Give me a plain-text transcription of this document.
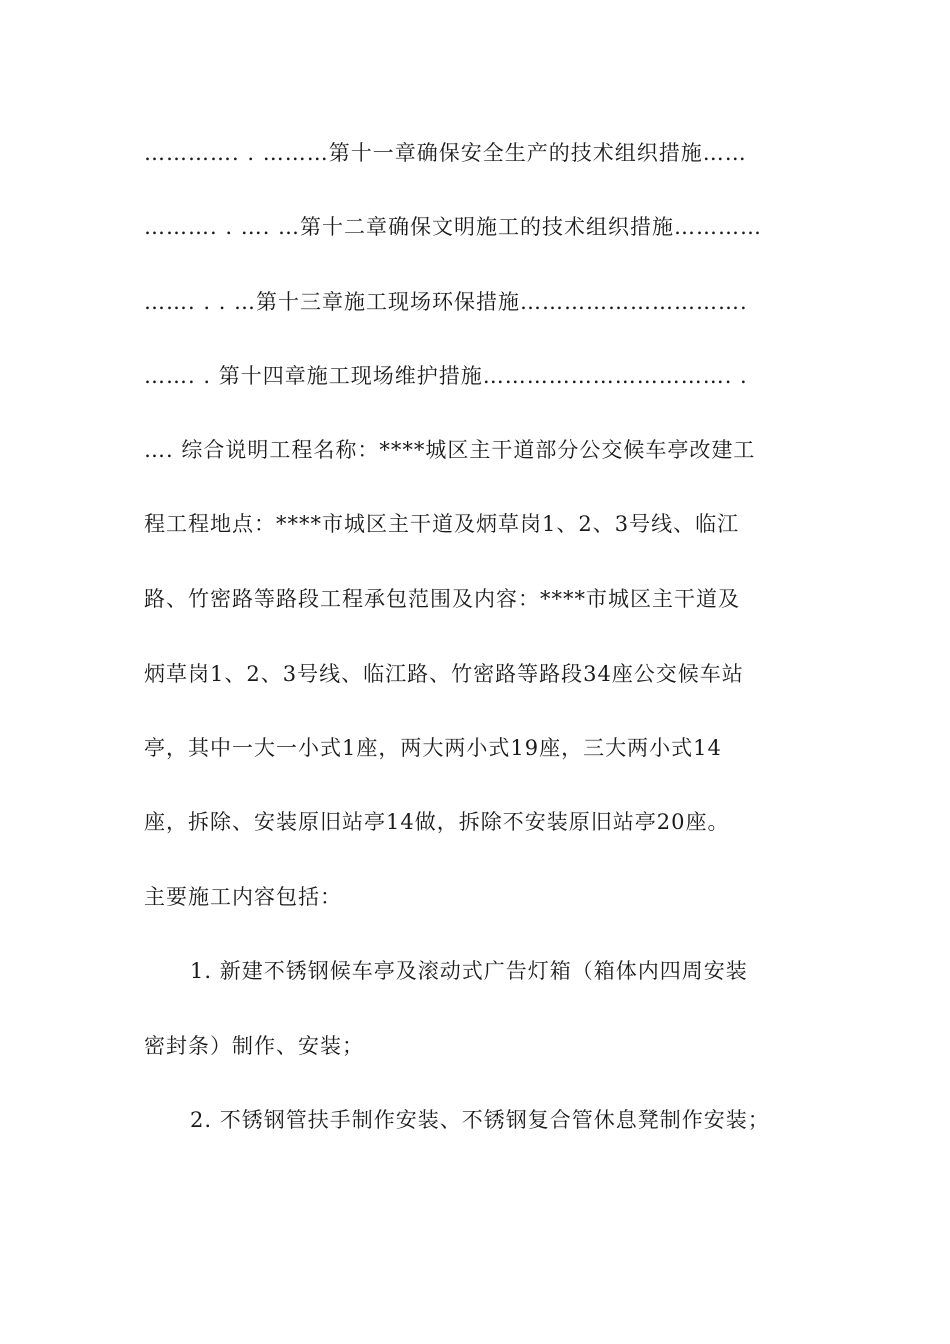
…………. . ………第十一章确保安全生产的技术组织措施……
………. . …. …第十二章确保文明施工的技术组织措施…………
……. . . …第十三章施工现场环保措施………………………….
……. . 第十四章施工现场维护措施……………………………. .
…. 综合说明工程名称：****城区主干道部分公交候车亭改建工
程工程地点：****市城区主干道及炳草岗1、2、3号线、临江
路、竹密路等路段工程承包范围及内容：****市城区主干道及
炳草岗1、2、3号线、临江路、竹密路等路段34座公交候车站
亭，其中一大一小式1座，两大两小式19座，三大两小式14
座，拆除、安装原旧站亭14做，拆除不安装原旧站亭20座。
主要施工内容包括：
1. 新建不锈钢候车亭及滚动式广告灯箱（箱体内四周安装
密封条）制作、安装；
2. 不锈钢管扶手制作安装、不锈钢复合管休息凳制作安装；
